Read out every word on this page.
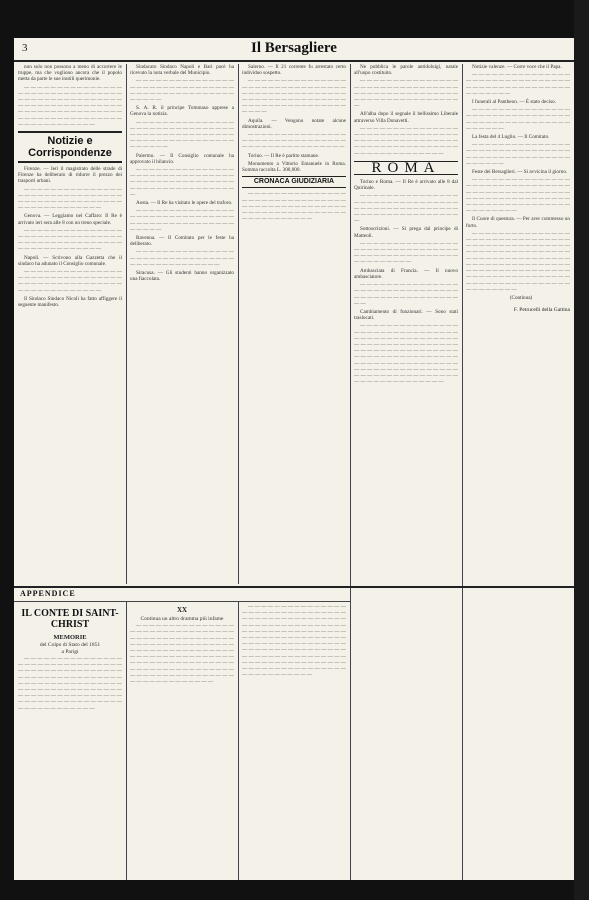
3	Il Bersagliere

non solo non possono a meno di accorrere le truppe, ma che vogliono ancora che il popolo metta da parte le sue inutili querimonie.

— — — — — — — — — — — — — — — — — — — — — — — — — — — — — — — — — — — — — — — — — — — — — — — — — — — — — — — — — — — — — — — — — — — — — — — — — — — — — — — — — — — — — — — — — — — — — — — — — — — — — — — — — — —

Notizie e Corrispondenze

Firenze. — Ieri il magistrato delle strade di Firenze ha deliberato di ridurre il prezzo dei trasporti urbani.

— — — — — — — — — — — — — — — — — — — — — — — — — — — — — — — — — — — — — — — — — — — — — — — — — — — — — — — — — — — —

Genova. — Leggiamo nel Caffaro: Il Re è arrivato ieri sera alle 8 con un treno speciale.

— — — — — — — — — — — — — — — — — — — — — — — — — — — — — — — — — — — — — — — — — — — — — — — — — — — — — — — — — — — —

Napoli. — Scrivono alla Gazzetta che il sindaco ha adunato il Consiglio comunale.

— — — — — — — — — — — — — — — — — — — — — — — — — — — — — — — — — — — — — — — — — — — — — — — — — — — — — — — — — — — —

Il Sindaco Sindaco Nicoli ha fatto affiggere il seguente manifesto.

Sindacato Sindaco Napoli e Bari pacè ha ricevuto la nota verbale del Municipio.

— — — — — — — — — — — — — — — — — — — — — — — — — — — — — — — — — — — — — — — — — — — — — — — — — — — —

S. A. R. il principe Tommaso apprese a Genova la notizia.

— — — — — — — — — — — — — — — — — — — — — — — — — — — — — — — — — — — — — — — — — — — — — — — — — — — — — — — — — — — — — — — — — — — — —

Palermo. — Il Consiglio comunale ha approvato il bilancio.

— — — — — — — — — — — — — — — — — — — — — — — — — — — — — — — — — — — — — — — — — — — — — — — — — — — — — — — — — — — — — — — —

Aosta. — Il Re ha visitato le opere del traforo.

— — — — — — — — — — — — — — — — — — — — — — — — — — — — — — — — — — — — — — — — — — — — — — — — — — — —

Ravenna. — Il Comitato per le feste ha deliberato.

— — — — — — — — — — — — — — — — — — — — — — — — — — — — — — — — — — — — — — — — — — — — —

Siracusa. — Gli studenti hanno organizzato una fiaccolata.

Salerno. — Il 21 corrente fu arrestato certo individuo sospetto.

— — — — — — — — — — — — — — — — — — — — — — — — — — — — — — — — — — — — — — — — — — — — — — — — — — — — — — — — — — — — — — — — — — — — — — — — — — — — — — — — — — —

Aquila. — Vengono notate alcune dimostrazioni.

— — — — — — — — — — — — — — — — — — — — — — — — — — — — — — — — — — — — — — — — — — — — — — —

Torino. — Il Re è partito stamane.

Monumento a Vittorio Emanuele in Roma. Somma raccolta L. 300,000.

CRONACA GIUDIZIARIA

— — — — — — — — — — — — — — — — — — — — — — — — — — — — — — — — — — — — — — — — — — — — — — — — — — — — — — — — — — — — — — — — — — — — — — — — — —

Ne pubblica le parole antidoluigi, natale all'uopo costituito.

— — — — — — — — — — — — — — — — — — — — — — — — — — — — — — — — — — — — — — — — — — — — — — — — — — — — — — — — — — — — — — — —

All'alba dopo il segnale il bellissimo Liberale attraverso Villa Donavetti.

— — — — — — — — — — — — — — — — — — — — — — — — — — — — — — — — — — — — — — — — — — — — — — — — — — — — — — — — — — — — — — — — — — — — — — — — — — — — —

ROMA

Torino e Roma. — Il Re è arrivato alle 8 dal Quirinale.

— — — — — — — — — — — — — — — — — — — — — — — — — — — — — — — — — — — — — — — — — — — — — — — — — — — — — — — — — — — — — — — —

Sottoscrizioni. — Si prega dal principe di Matteoli.

— — — — — — — — — — — — — — — — — — — — — — — — — — — — — — — — — — — — — — — — — — — — — — — — — — — — — — — —

Ambasciata di Francia. — Il nuovo ambasciatore.

— — — — — — — — — — — — — — — — — — — — — — — — — — — — — — — — — — — — — — — — — — — — — — — — —

Cambiamento di funzionari. — Sono stati traslocati.

— — — — — — — — — — — — — — — — — — — — — — — — — — — — — — — — — — — — — — — — — — — — — — — — — — — — — — — — — — — — — — — — — — — — — — — — — — — — — — — — — — — — — — — — — — — — — — — — — — — — — — — — — — — — — — — — — — — — — — — — — — — — — — — — — — — — — — — — — — — — — — — — — — — — — — — — — — — — —

Notizie valenze. — Corre voce che il Papa.

— — — — — — — — — — — — — — — — — — — — — — — — — — — — — — — — — — — — — — — — — — — — — — — — — — — — — —

I funerali al Pantheon. — È stato deciso.

— — — — — — — — — — — — — — — — — — — — — — — — — — — — — — — — — — — — — — — — — — — — — — — — — — — — —

La festa del 4 Luglio. — Il Comitato.

— — — — — — — — — — — — — — — — — — — — — — — — — — — — — — — — — — — — — — — — — — — — — — — — — — — — —

Feste dei Bersaglieri. — Si avvicina il giorno.

— — — — — — — — — — — — — — — — — — — — — — — — — — — — — — — — — — — — — — — — — — — — — — — — — — — — — — — — — — — — — — — — — — — — — — — — — — — — — — — — — — — — — — —

Il Cuore di questura. — Per aver commesso un furto.

— — — — — — — — — — — — — — — — — — — — — — — — — — — — — — — — — — — — — — — — — — — — — — — — — — — — — — — — — — — — — — — — — — — — — — — — — — — — — — — — — — — — — — — — — — — — — — — — — — — — — — — — — — — — — — — — — — — — — — — — — — — — — — — — — — — — — — — — — — — — — — — — — — — — — — —

(Continua)

F. Petrucelli della Gattina
APPENDICE
IL CONTE DI SAINT-CHRIST
MEMORIE
del Colpo di Stato del 1851
a Parigi

— — — — — — — — — — — — — — — — — — — — — — — — — — — — — — — — — — — — — — — — — — — — — — — — — — — — — — — — — — — — — — — — — — — — — — — — — — — — — — — — — — — — — — — — — — — — — — — — — — — — — — — — — — — — — — — — — — — — — — — — — — — — — — — — — — — — — — — — — — —

XX
Continua un altro dramma più infame

— — — — — — — — — — — — — — — — — — — — — — — — — — — — — — — — — — — — — — — — — — — — — — — — — — — — — — — — — — — — — — — — — — — — — — — — — — — — — — — — — — — — — — — — — — — — — — — — — — — — — — — — — — — — — — — — — — — — — — — — — — — — — — — — — — — — — — — — — — — — — — — — — — — — — — — — — — — —

— — — — — — — — — — — — — — — — — — — — — — — — — — — — — — — — — — — — — — — — — — — — — — — — — — — — — — — — — — — — — — — — — — — — — — — — — — — — — — — — — — — — — — — — — — — — — — — — — — — — — — — — — — — — — — — — — — — — — — — — — — — — — — — — — — — — — — — — — — — — — — — — — — — — — — — — — — — — — — — — — — — — — — — — — — — — — — — — — — — — — — — — — —
